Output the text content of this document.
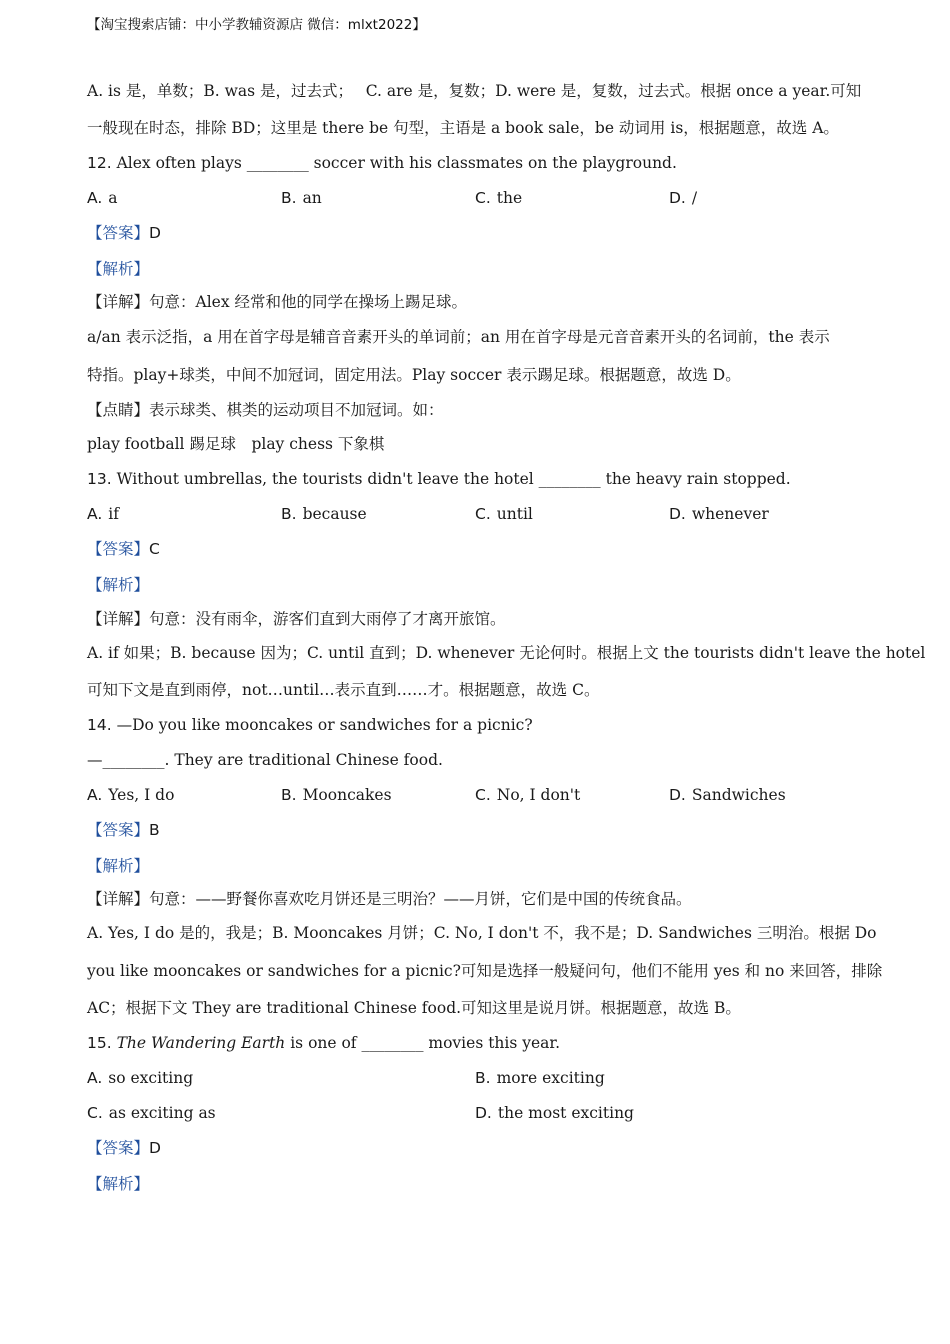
【淘宝搜索店铺：中小学教辅资源店 微信：mlxt2022】
A. is 是，单数；B. was 是，过去式；　 C. are 是，复数；D. were 是，复数，过去式。根据 once a year.可知
一般现在时态，排除 BD；这里是 there be 句型，主语是 a book sale，be 动词用 is，根据题意，故选 A。
12. Alex often plays ________ soccer with his classmates on the playground.
A. a	B. an	C. the	D. /
【答案】D
【解析】
【详解】句意：Alex 经常和他的同学在操场上踢足球。
a/an 表示泛指，a 用在首字母是辅音音素开头的单词前；an 用在首字母是元音音素开头的名词前，the 表示
特指。play+球类，中间不加冠词，固定用法。Play soccer 表示踢足球。根据题意，故选 D。
【点睛】表示球类、棋类的运动项目不加冠词。如：
play football 踢足球　play chess 下象棋
13. Without umbrellas, the tourists didn't leave the hotel ________ the heavy rain stopped.
A. if	B. because	C. until	D. whenever
【答案】C
【解析】
【详解】句意：没有雨伞，游客们直到大雨停了才离开旅馆。
A. if 如果；B. because 因为；C. until 直到；D. whenever 无论何时。根据上文 the tourists didn't leave the hotel
可知下文是直到雨停，not…until…表示直到……才。根据题意，故选 C。
14. —Do you like mooncakes or sandwiches for a picnic?
—________. They are traditional Chinese food.
A. Yes, I do	B. Mooncakes	C. No, I don't	D. Sandwiches
【答案】B
【解析】
【详解】句意：——野餐你喜欢吃月饼还是三明治？——月饼，它们是中国的传统食品。
A. Yes, I do 是的，我是；B. Mooncakes 月饼；C. No, I don't 不，我不是；D. Sandwiches 三明治。根据 Do
you like mooncakes or sandwiches for a picnic?可知是选择一般疑问句，他们不能用 yes 和 no 来回答，排除
AC；根据下文 They are traditional Chinese food.可知这里是说月饼。根据题意，故选 B。
15. The Wandering Earth is one of ________ movies this year.
A. so exciting	B. more exciting
C. as exciting as	D. the most exciting
【答案】D
【解析】
